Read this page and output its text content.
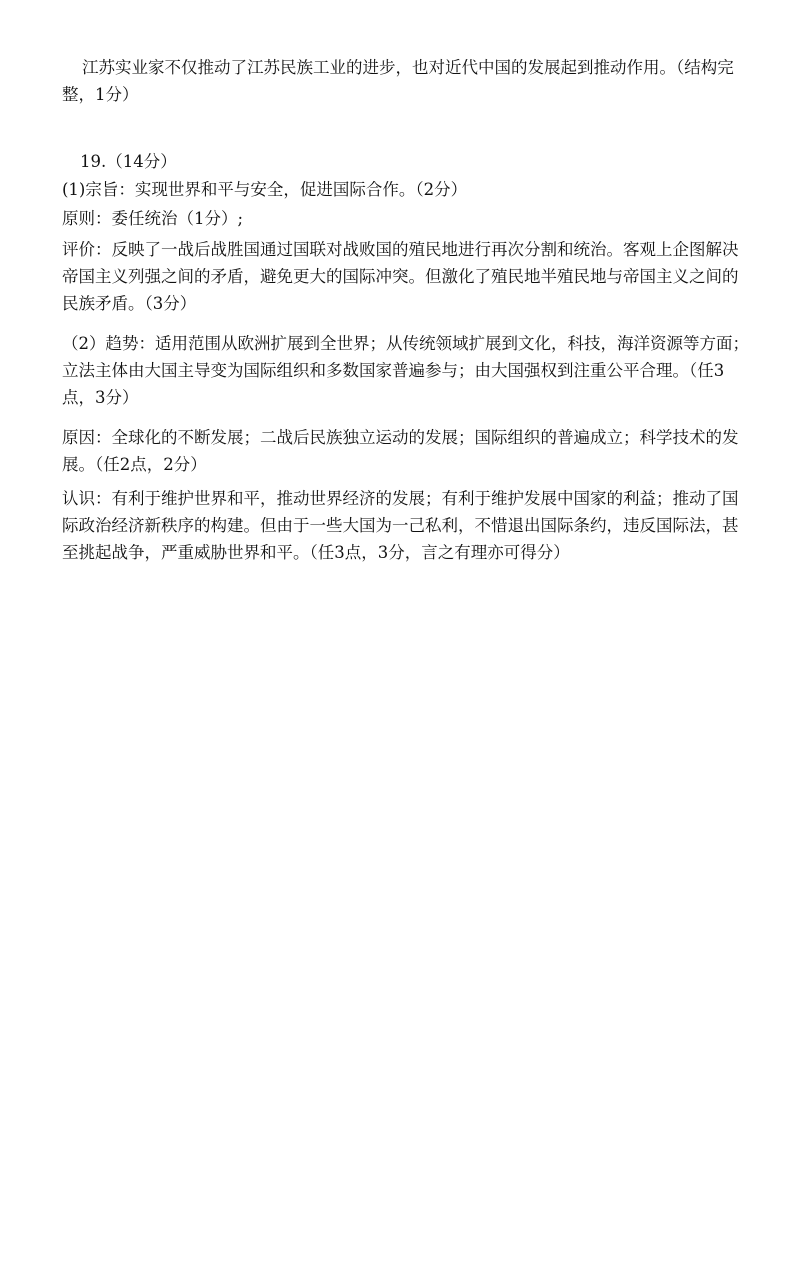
江苏实业家不仅推动了江苏民族工业的进步，也对近代中国的发展起到推动作用。（结构完整，1分）

19.（14分）

(1)宗旨：实现世界和平与安全，促进国际合作。（2分）

原则：委任统治（1分）;

评价：反映了一战后战胜国通过国联对战败国的殖民地进行再次分割和统治。客观上企图解决帝国主义列强之间的矛盾，避免更大的国际冲突。但激化了殖民地半殖民地与帝国主义之间的民族矛盾。（3分）

（2）趋势：适用范围从欧洲扩展到全世界；从传统领域扩展到文化，科技，海洋资源等方面；立法主体由大国主导变为国际组织和多数国家普遍参与；由大国强权到注重公平合理。（任3点，3分）

原因：全球化的不断发展；二战后民族独立运动的发展；国际组织的普遍成立；科学技术的发展。（任2点，2分）

认识：有利于维护世界和平，推动世界经济的发展；有利于维护发展中国家的利益；推动了国际政治经济新秩序的构建。但由于一些大国为一己私利，不惜退出国际条约，违反国际法，甚至挑起战争，严重威胁世界和平。（任3点，3分，言之有理亦可得分）
